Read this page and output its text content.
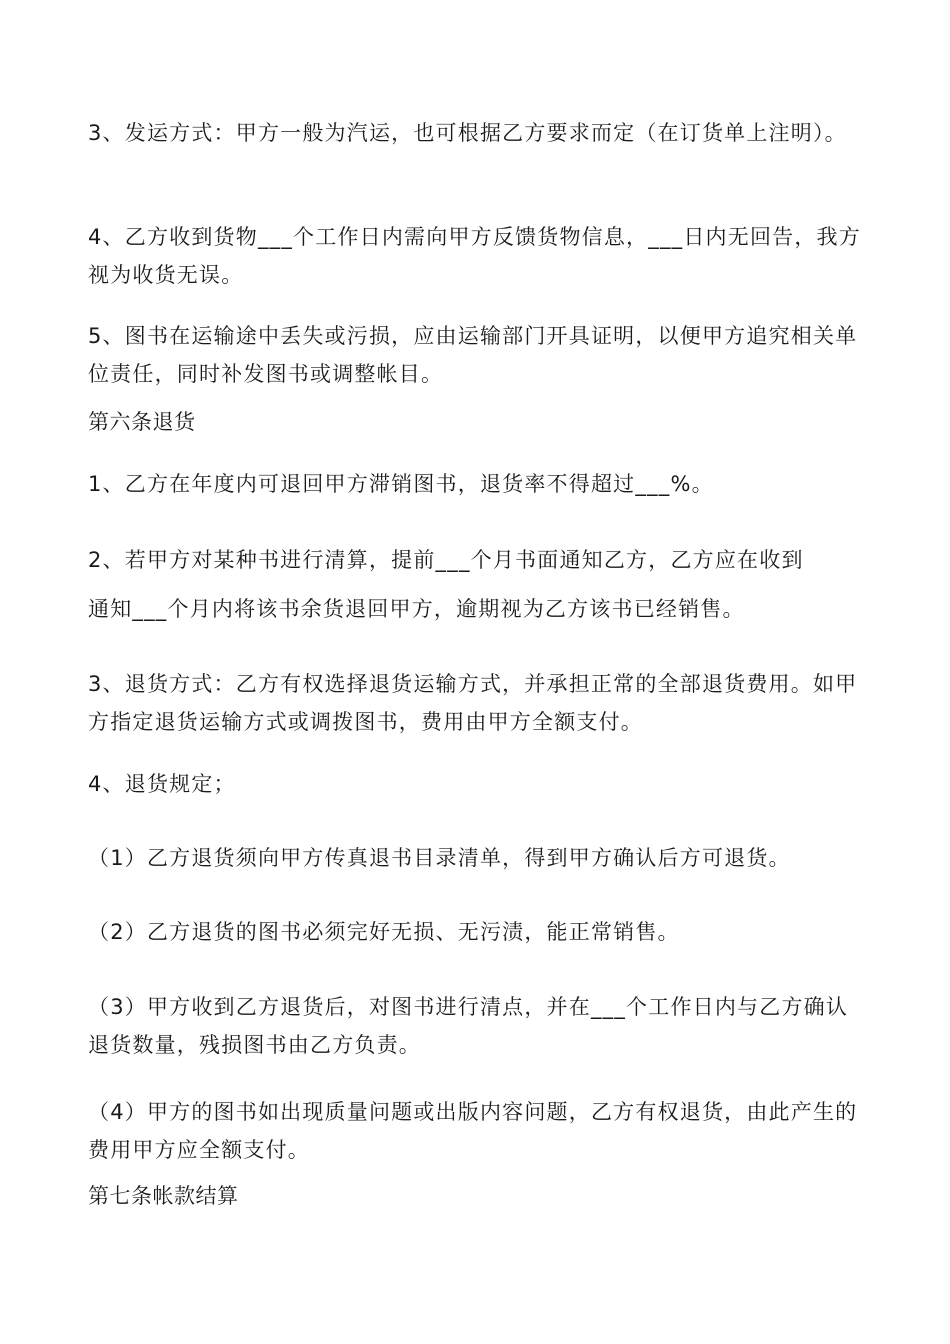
3、发运方式：甲方一般为汽运，也可根据乙方要求而定（在订货单上注明）。

4、乙方收到货物___个工作日内需向甲方反馈货物信息，___日内无回告，我方视为收货无误。

5、图书在运输途中丢失或污损，应由运输部门开具证明，以便甲方追究相关单位责任，同时补发图书或调整帐目。

第六条退货

1、乙方在年度内可退回甲方滞销图书，退货率不得超过___%。

2、若甲方对某种书进行清算，提前___个月书面通知乙方，乙方应在收到

通知___个月内将该书余货退回甲方，逾期视为乙方该书已经销售。

3、退货方式：乙方有权选择退货运输方式，并承担正常的全部退货费用。如甲方指定退货运输方式或调拨图书，费用由甲方全额支付。

4、退货规定；

（1）乙方退货须向甲方传真退书目录清单，得到甲方确认后方可退货。

（2）乙方退货的图书必须完好无损、无污渍，能正常销售。

（3）甲方收到乙方退货后，对图书进行清点，并在___个工作日内与乙方确认退货数量，残损图书由乙方负责。

（4）甲方的图书如出现质量问题或出版内容问题，乙方有权退货，由此产生的费用甲方应全额支付。

第七条帐款结算
